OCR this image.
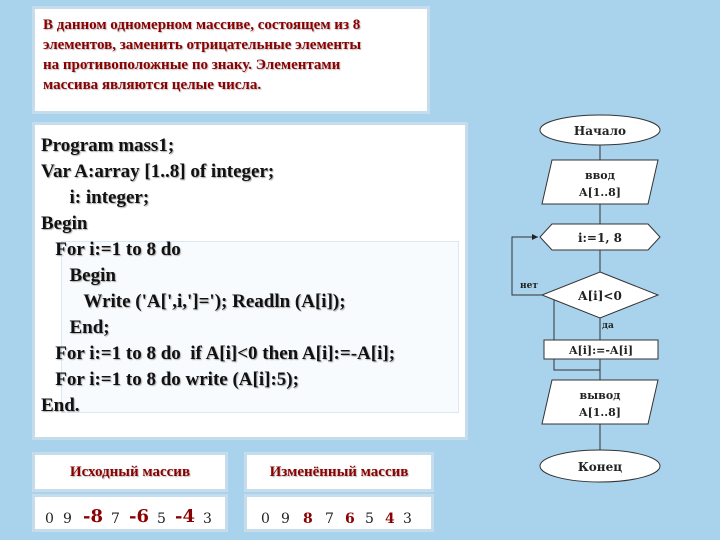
В данном одномерном массиве, состоящем из 8
элементов, заменить отрицательные элементы
на противоположные по знаку. Элементами
массива являются целые числа.

Program mass1;
Var A:array [1..8] of integer;
i: integer;
Begin
For i:=1 to 8 do
Begin
Write ('A[',i,']='); Readln (A[i]);
End;
For i:=1 to 8 do  if A[i]<0 then A[i]:=-A[i];
For i:=1 to 8 do write (A[i]:5);
End.
Исходный массив	Изменённый массив
0 9 -8 7 -6 5 -4 3	0 9 8 7 6 5 4 3
Начало
ввод
A[1..8]
i:=1, 8
A[i]<0
нет
да
A[i]:=-A[i]
вывод
A[1..8]
Конец
